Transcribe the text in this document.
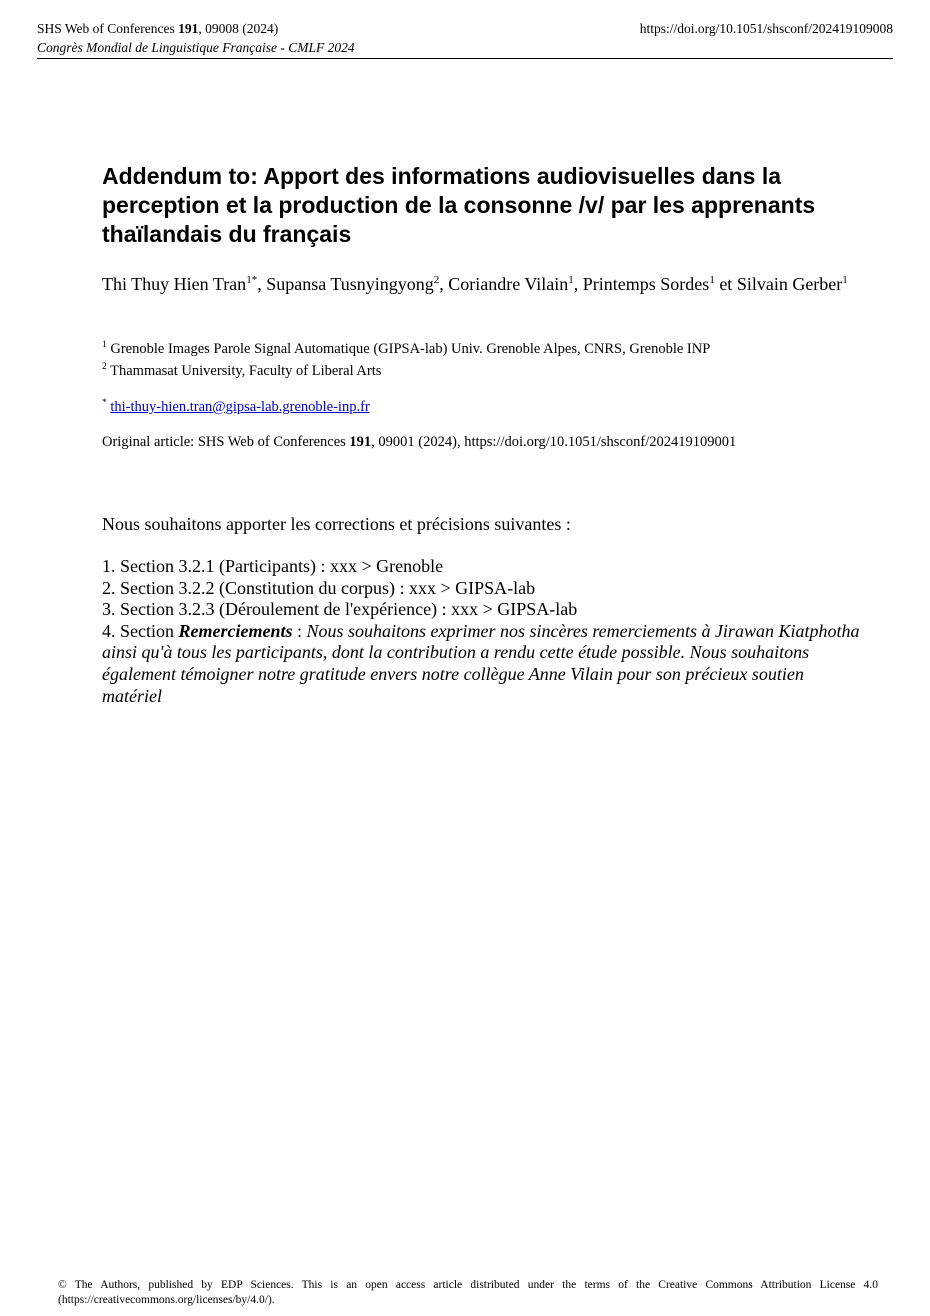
SHS Web of Conferences 191, 09008 (2024)	https://doi.org/10.1051/shsconf/202419109008
Congrès Mondial de Linguistique Française - CMLF 2024
Addendum to: Apport des informations audiovisuelles dans la perception et la production de la consonne /v/ par les apprenants thaïlandais du français
Thi Thuy Hien Tran$^{1*}$, Supansa Tusnyingyong$^2$, Coriandre Vilain$^1$, Printemps Sordes$^1$ et Silvain Gerber$^1$
$^1$ Grenoble Images Parole Signal Automatique (GIPSA-lab) Univ. Grenoble Alpes, CNRS, Grenoble INP
$^2$ Thammasat University, Faculty of Liberal Arts
* thi-thuy-hien.tran@gipsa-lab.grenoble-inp.fr
Original article: SHS Web of Conferences 191, 09001 (2024), https://doi.org/10.1051/shsconf/202419109001
Nous souhaitons apporter les corrections et précisions suivantes :
1. Section 3.2.1 (Participants) : xxx > Grenoble
2. Section 3.2.2 (Constitution du corpus) : xxx > GIPSA-lab
3. Section 3.2.3 (Déroulement de l'expérience) : xxx > GIPSA-lab
4. Section Remerciements : Nous souhaitons exprimer nos sincères remerciements à Jirawan Kiatphotha ainsi qu'à tous les participants, dont la contribution a rendu cette étude possible. Nous souhaitons également témoigner notre gratitude envers notre collègue Anne Vilain pour son précieux soutien matériel
© The Authors, published by EDP Sciences. This is an open access article distributed under the terms of the Creative Commons Attribution License 4.0 (https://creativecommons.org/licenses/by/4.0/).
